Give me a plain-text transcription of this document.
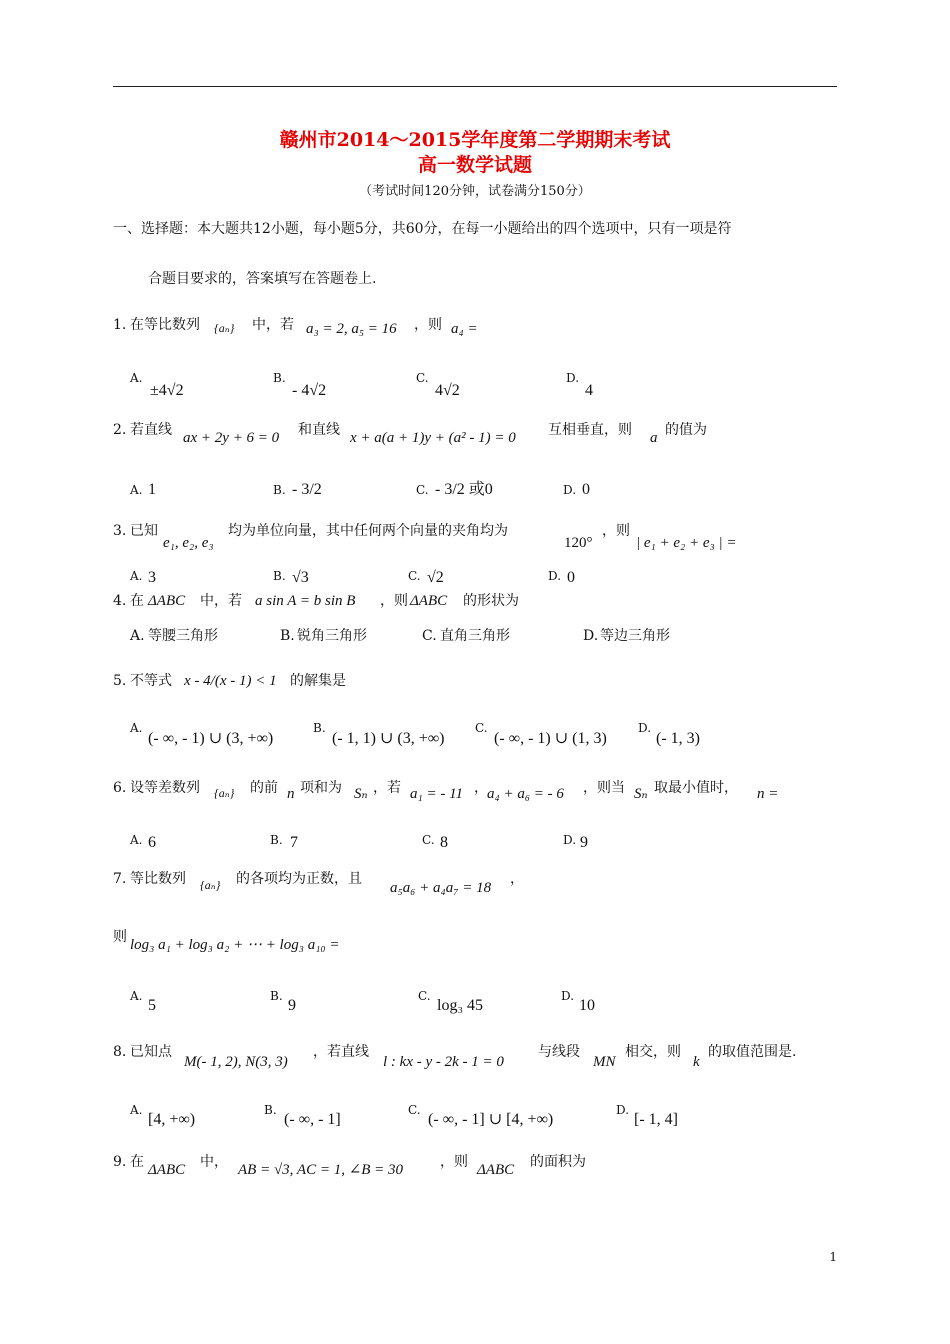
赣州市2014～2015学年度第二学期期末考试
高一数学试题
（考试时间120分钟，试卷满分150分）
一、选择题：本大题共12小题，每小题5分，共60分，在每一小题给出的四个选项中，只有一项是符
合题目要求的，答案填写在答题卷上.
1. 在等比数列 {aₙ} 中，若 a₃ = 2, a₅ = 16 ，则 a₄ =
A.
±4√2
B.
- 4√2
C.
4√2
D.
4
2. 若直线 ax + 2y + 6 = 0 和直线 x + a(a + 1)y + (a² - 1) = 0 互相垂直，则 a 的值为
A. 1	B. - 3/2	C. - 3/2 或0	D. 0
3. 已知
e₁, e₂, e₃
均为单位向量，其中任何两个向量的夹角均为
120°
，则
| e₁ + e₂ + e₃ | =
A. 3	B. √3	C. √2	D. 0
4. 在 ΔABC 中，若 a sin A = b sin B ，则 ΔABC 的形状为
A. 等腰三角形	B. 锐角三角形	C. 直角三角形	D. 等边三角形
5. 不等式 x - 4/(x - 1) < 1 的解集是
A.
(- ∞, - 1) ∪ (3, +∞)
B.
(- 1, 1) ∪ (3, +∞)
C.
(- ∞, - 1) ∪ (1, 3)
D.
(- 1, 3)
6. 设等差数列 {aₙ} 的前 n 项和为 Sₙ ，若 a₁ = - 11 ， a₄ + a₆ = - 6 ，则当 Sₙ 取最小值时， n =
A. 6	B. 7	C. 8	D. 9
7. 等比数列 {aₙ} 的各项均为正数，且
a₅a₆ + a₄a₇ = 18
，
则 log₃ a₁ + log₃ a₂ + ⋯ + log₃ a₁₀ =
A.
5
B.
9
C.
log₃ 45
D.
10
8. 已知点
M(- 1, 2), N(3, 3)
，若直线
l : kx - y - 2k - 1 = 0
与线段
MN
相交，则
k
的取值范围是.
A.
[4, +∞)
B.
(- ∞, - 1]
C.
(- ∞, - 1] ∪ [4, +∞)
D.
[- 1, 4]
9. 在 ΔABC 中， AB = √3, AC = 1, ∠B = 30	，则 ΔABC 的面积为
1
